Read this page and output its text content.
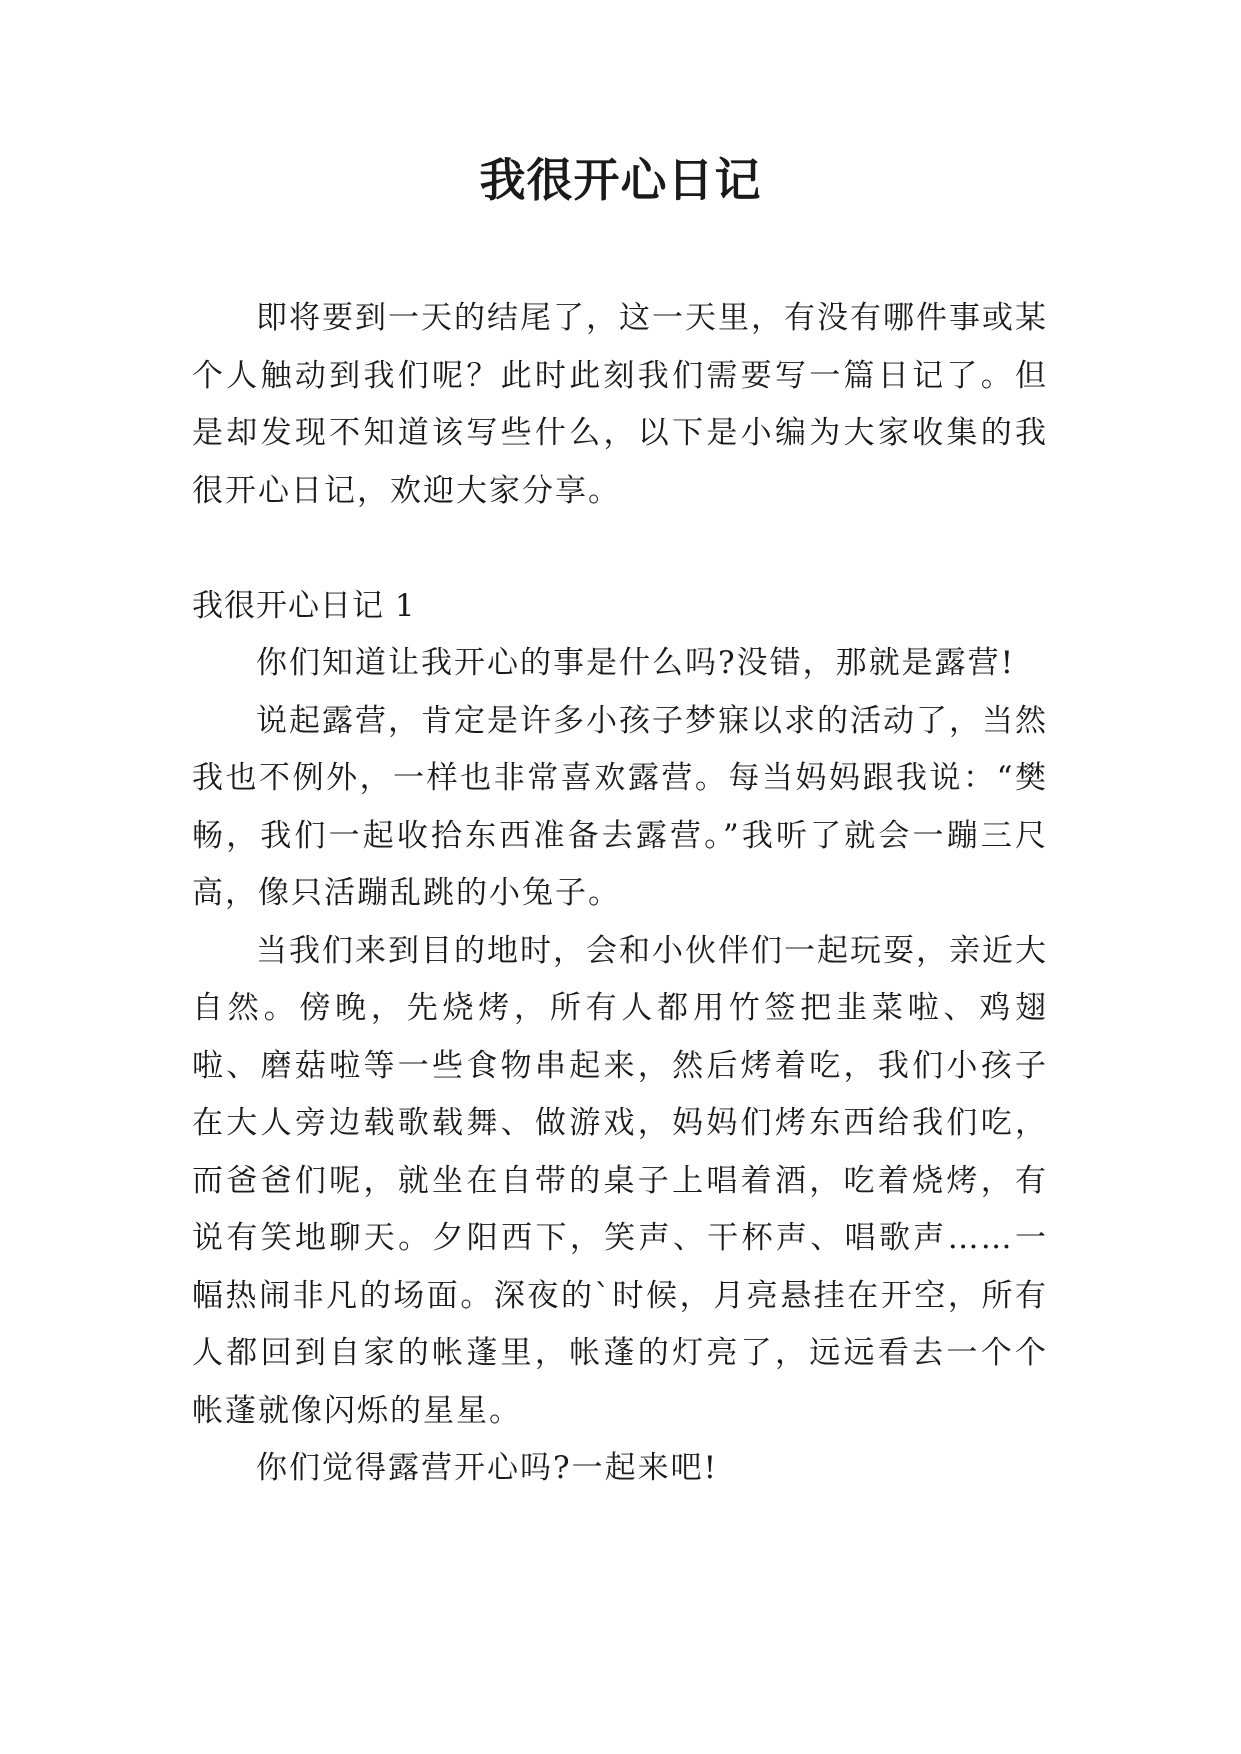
我很开心日记

即将要到一天的结尾了，这一天里，有没有哪件事或某个人触动到我们呢？此时此刻我们需要写一篇日记了。但是却发现不知道该写些什么，以下是小编为大家收集的我很开心日记，欢迎大家分享。

我很开心日记 1

你们知道让我开心的事是什么吗?没错，那就是露营!

说起露营，肯定是许多小孩子梦寐以求的活动了，当然我也不例外，一样也非常喜欢露营。每当妈妈跟我说：“樊畅，我们一起收拾东西准备去露营。”我听了就会一蹦三尺高，像只活蹦乱跳的小兔子。

当我们来到目的地时，会和小伙伴们一起玩耍，亲近大自然。傍晚，先烧烤，所有人都用竹签把韭菜啦、鸡翅啦、磨菇啦等一些食物串起来，然后烤着吃，我们小孩子在大人旁边载歌载舞、做游戏，妈妈们烤东西给我们吃，而爸爸们呢，就坐在自带的桌子上唱着酒，吃着烧烤，有说有笑地聊天。夕阳西下，笑声、干杯声、唱歌声……一幅热闹非凡的场面。深夜的`时候，月亮悬挂在开空，所有人都回到自家的帐蓬里，帐蓬的灯亮了，远远看去一个个帐蓬就像闪烁的星星。

你们觉得露营开心吗?一起来吧!
